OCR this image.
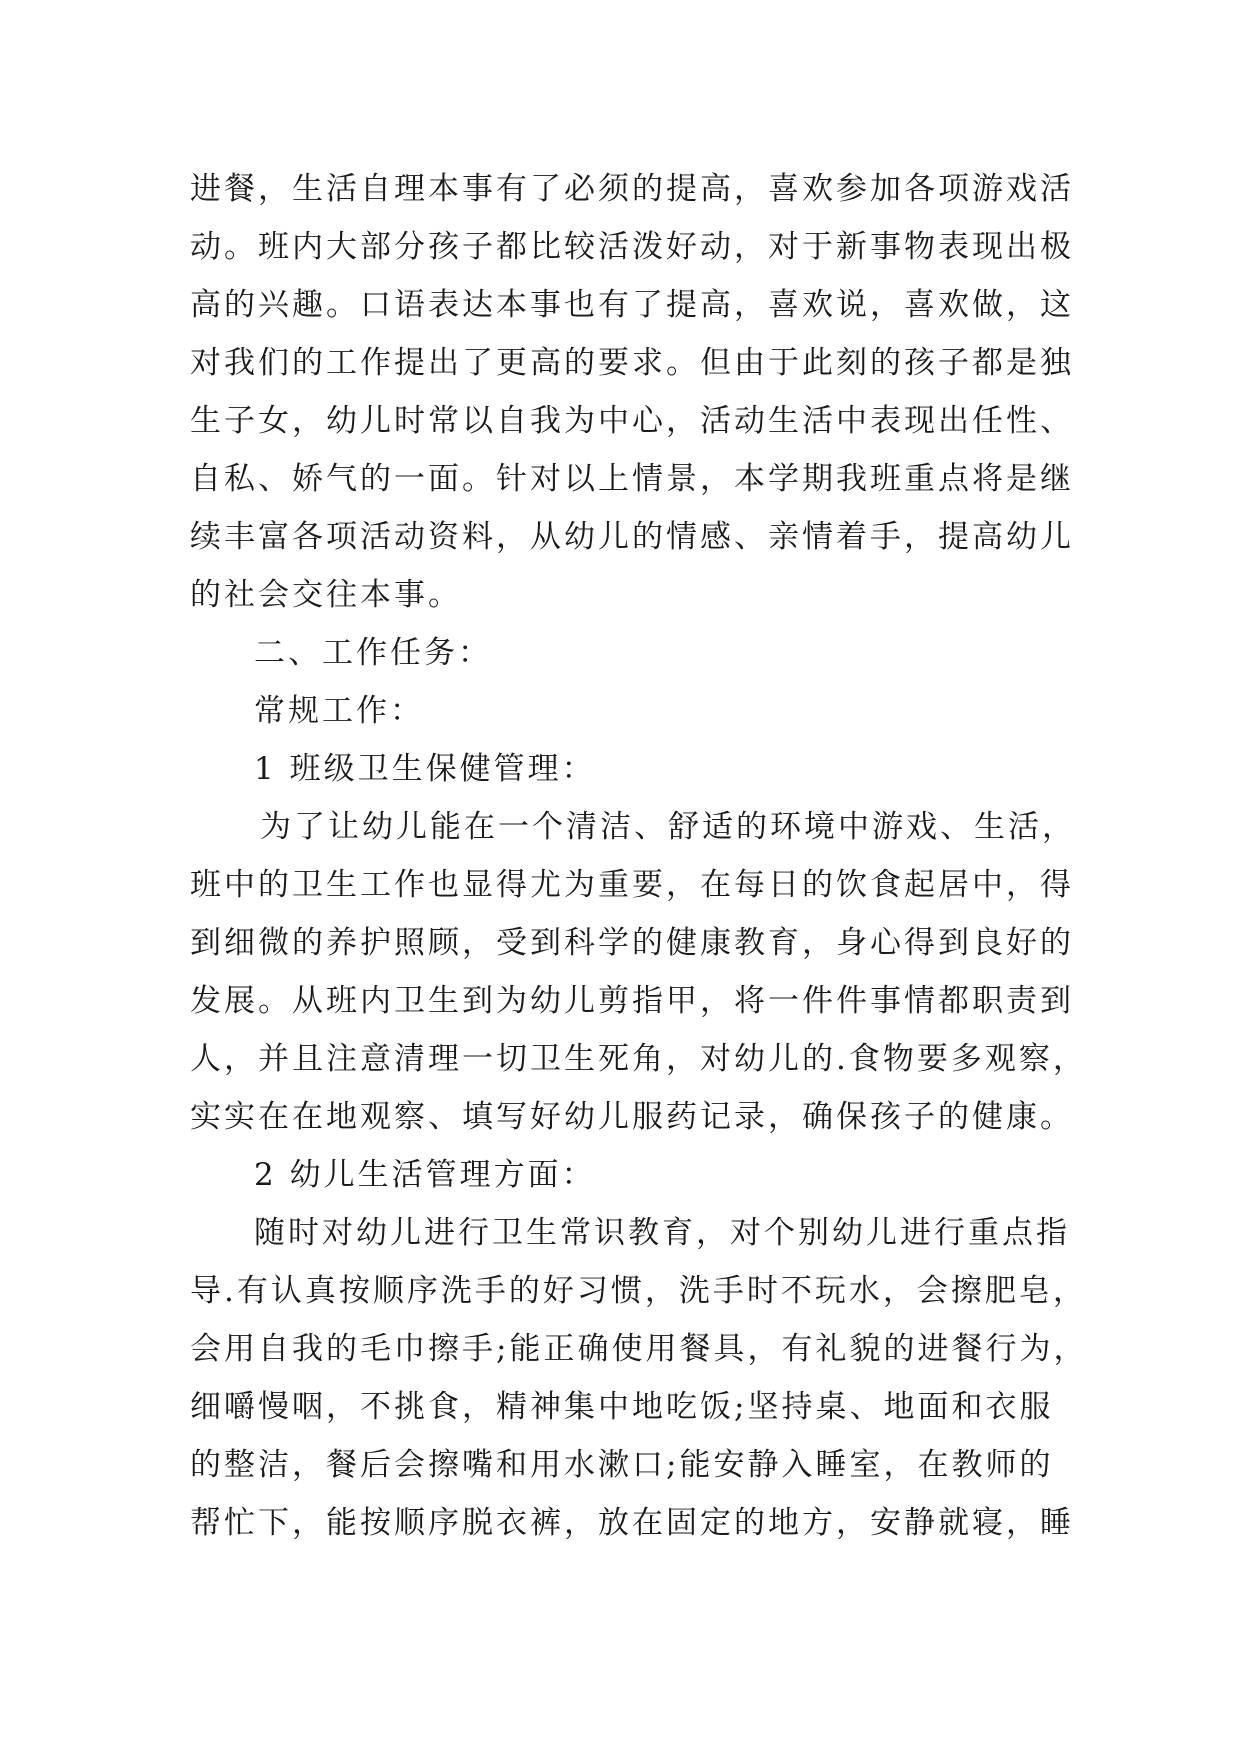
进餐，生活自理本事有了必须的提高，喜欢参加各项游戏活
动。班内大部分孩子都比较活泼好动，对于新事物表现出极
高的兴趣。口语表达本事也有了提高，喜欢说，喜欢做，这
对我们的工作提出了更高的要求。但由于此刻的孩子都是独
生子女，幼儿时常以自我为中心，活动生活中表现出任性、
自私、娇气的一面。针对以上情景，本学期我班重点将是继
续丰富各项活动资料，从幼儿的情感、亲情着手，提高幼儿
的社会交往本事。
二、工作任务：
常规工作：
1 班级卫生保健管理：
为了让幼儿能在一个清洁、舒适的环境中游戏、生活，
班中的卫生工作也显得尤为重要，在每日的饮食起居中，得
到细微的养护照顾，受到科学的健康教育，身心得到良好的
发展。从班内卫生到为幼儿剪指甲，将一件件事情都职责到
人，并且注意清理一切卫生死角，对幼儿的.食物要多观察，
实实在在地观察、填写好幼儿服药记录，确保孩子的健康。
2 幼儿生活管理方面：
随时对幼儿进行卫生常识教育，对个别幼儿进行重点指
导.有认真按顺序洗手的好习惯，洗手时不玩水，会擦肥皂，
会用自我的毛巾擦手;能正确使用餐具，有礼貌的进餐行为，
细嚼慢咽，不挑食，精神集中地吃饭;坚持桌、地面和衣服
的整洁，餐后会擦嘴和用水漱口;能安静入睡室，在教师的
帮忙下，能按顺序脱衣裤，放在固定的地方，安静就寝，睡
